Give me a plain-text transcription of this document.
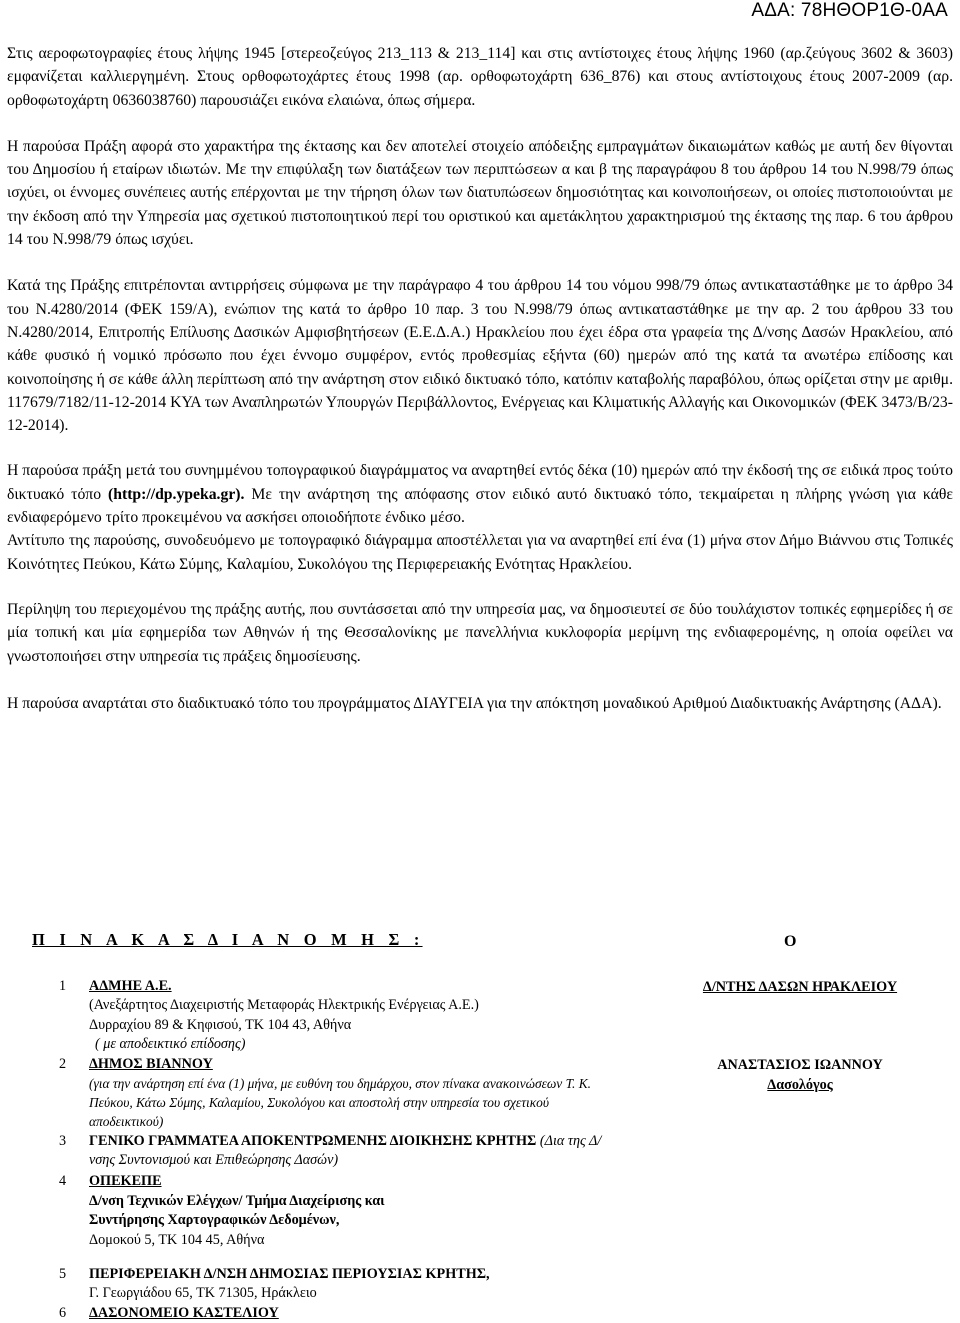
ΑΔΑ: 78ΗΘΟΡ1Θ-0ΑΑ

Στις αεροφωτογραφίες έτους λήψης 1945 [στερεοζεύγος 213_113 & 213_114] και στις αντίστοιχες έτους λήψης 1960 (αρ.ζεύγους 3602 & 3603) εμφανίζεται καλλιεργημένη. Στους ορθοφωτοχάρτες έτους 1998 (αρ. ορθοφωτοχάρτη 636_876) και στους αντίστοιχους έτους 2007-2009 (αρ. ορθοφωτοχάρτη 0636038760) παρουσιάζει εικόνα ελαιώνα, όπως σήμερα.

Η παρούσα Πράξη αφορά στο χαρακτήρα της έκτασης και δεν αποτελεί στοιχείο απόδειξης εμπραγμάτων δικαιωμάτων καθώς με αυτή δεν θίγονται του Δημοσίου ή εταίρων ιδιωτών. Με την επιφύλαξη των διατάξεων των περιπτώσεων α και β της παραγράφου 8 του άρθρου 14 του Ν.998/79 όπως ισχύει, οι έννομες συνέπειες αυτής επέρχονται με την τήρηση όλων των διατυπώσεων δημοσιότητας και κοινοποιήσεων, οι οποίες πιστοποιούνται με την έκδοση από την Υπηρεσία μας σχετικού πιστοποιητικού περί του οριστικού και αμετάκλητου χαρακτηρισμού της έκτασης της παρ. 6 του άρθρου 14 του Ν.998/79 όπως ισχύει.

Κατά της Πράξης επιτρέπονται αντιρρήσεις σύμφωνα με την παράγραφο 4 του άρθρου 14 του νόμου 998/79 όπως αντικαταστάθηκε με το άρθρο 34 του Ν.4280/2014 (ΦΕΚ 159/Α), ενώπιον της κατά το άρθρο 10 παρ. 3 του Ν.998/79 όπως αντικαταστάθηκε με την αρ. 2 του άρθρου 33 του Ν.4280/2014, Επιτροπής Επίλυσης Δασικών Αμφισβητήσεων (Ε.Ε.Δ.Α.) Ηρακλείου που έχει έδρα στα γραφεία της Δ/νσης Δασών Ηρακλείου, από κάθε φυσικό ή νομικό πρόσωπο που έχει έννομο συμφέρον, εντός προθεσμίας εξήντα (60) ημερών από της κατά τα ανωτέρω επίδοσης και κοινοποίησης ή σε κάθε άλλη περίπτωση από την ανάρτηση στον ειδικό δικτυακό τόπο, κατόπιν καταβολής παραβόλου, όπως ορίζεται στην με αριθμ. 117679/7182/11-12-2014 ΚΥΑ των Αναπληρωτών Υπουργών Περιβάλλοντος, Ενέργειας και Κλιματικής Αλλαγής και Οικονομικών (ΦΕΚ 3473/Β/23-12-2014).

Η παρούσα πράξη μετά του συνημμένου τοπογραφικού διαγράμματος να αναρτηθεί εντός δέκα (10) ημερών από την έκδοσή της σε ειδικά προς τούτο δικτυακό τόπο (http://dp.ypeka.gr). Με την ανάρτηση της απόφασης στον ειδικό αυτό δικτυακό τόπο, τεκμαίρεται η πλήρης γνώση για κάθε ενδιαφερόμενο τρίτο προκειμένου να ασκήσει οποιοδήποτε ένδικο μέσο.

Αντίτυπο της παρούσης, συνοδευόμενο με τοπογραφικό διάγραμμα αποστέλλεται για να αναρτηθεί επί ένα (1) μήνα στον Δήμο Βιάννου στις Τοπικές Κοινότητες Πεύκου, Κάτω Σύμης, Καλαμίου, Συκολόγου της Περιφερειακής Ενότητας Ηρακλείου.

Περίληψη του περιεχομένου της πράξης αυτής, που συντάσσεται από την υπηρεσία μας, να δημοσιευτεί σε δύο τουλάχιστον τοπικές εφημερίδες ή σε μία τοπική και μία εφημερίδα των Αθηνών ή της Θεσσαλονίκης με πανελλήνια κυκλοφορία μερίμνη της ενδιαφερομένης, η οποία οφείλει να γνωστοποιήσει στην υπηρεσία τις πράξεις δημοσίευσης.

Η παρούσα αναρτάται στο διαδικτυακό τόπο του προγράμματος ΔΙΑΥΓΕΙΑ για την απόκτηση μοναδικού Αριθμού Διαδικτυακής Ανάρτησης (ΑΔΑ).

Π Ι Ν Α Κ Α Σ Δ Ι Α Ν Ο Μ Η Σ :	Ο

1 ΑΔΜΗΕ Α.Ε.
(Ανεξάρτητος Διαχειριστής Μεταφοράς Ηλεκτρικής Ενέργειας Α.Ε.)
Δυρραχίου 89 & Κηφισού, ΤΚ 104 43, Αθήνα
( με αποδεικτικό επίδοσης)
2 ΔΗΜΟΣ ΒΙΑΝΝΟΥ
(για την ανάρτηση επί ένα (1) μήνα, με ευθύνη του δημάρχου, στον πίνακα ανακοινώσεων Τ. Κ. Πεύκου, Κάτω Σύμης, Καλαμίου, Συκολόγου και αποστολή στην υπηρεσία του σχετικού αποδεικτικού)
3 ΓΕΝΙΚΟ ΓΡΑΜΜΑΤΕΑ ΑΠΟΚΕΝΤΡΩΜΕΝΗΣ ΔΙΟΙΚΗΣΗΣ ΚΡΗΤΗΣ (Δια της Δ/νσης Συντονισμού και Επιθεώρησης Δασών)
4 ΟΠΕΚΕΠΕ
Δ/νση Τεχνικών Ελέγχων/ Τμήμα Διαχείρισης και
Συντήρησης Χαρτογραφικών Δεδομένων,
Δομοκού 5, ΤΚ 104 45, Αθήνα
5 ΠΕΡΙΦΕΡΕΙΑΚΗ Δ/ΝΣΗ ΔΗΜΟΣΙΑΣ ΠΕΡΙΟΥΣΙΑΣ ΚΡΗΤΗΣ,
Γ. Γεωργιάδου 65, ΤΚ 71305, Ηράκλειο
6 ΔΑΣΟΝΟΜΕΙΟ ΚΑΣΤΕΛΙΟΥ

Δ/ΝΤΗΣ ΔΑΣΩΝ ΗΡΑΚΛΕΙΟΥ

ΑΝΑΣΤΑΣΙΟΣ ΙΩΑΝΝΟΥ

Δασολόγος
